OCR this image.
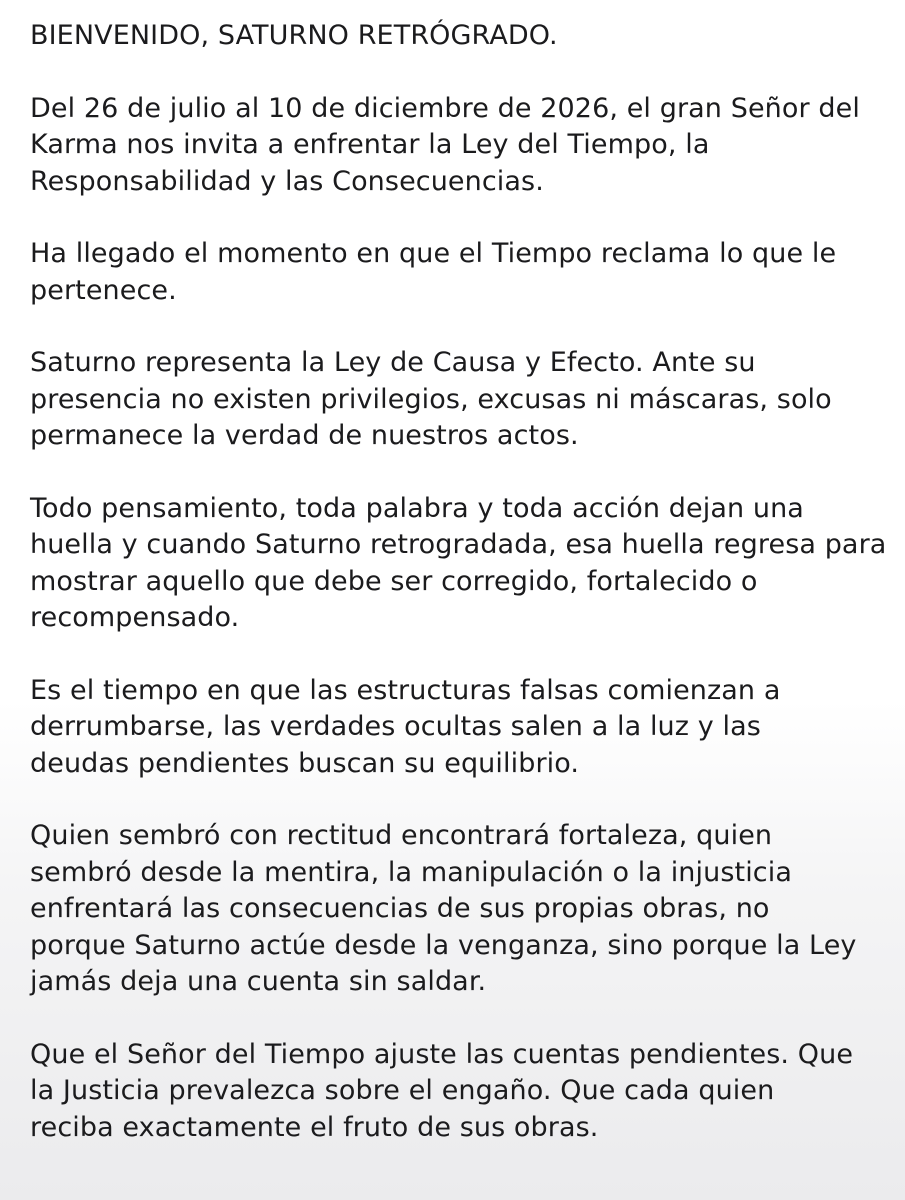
BIENVENIDO, SATURNO RETRÓGRADO.

Del 26 de julio al 10 de diciembre de 2026, el gran Señor del
Karma nos invita a enfrentar la Ley del Tiempo, la
Responsabilidad y las Consecuencias.

Ha llegado el momento en que el Tiempo reclama lo que le
pertenece.

Saturno representa la Ley de Causa y Efecto. Ante su
presencia no existen privilegios, excusas ni máscaras, solo
permanece la verdad de nuestros actos.

Todo pensamiento, toda palabra y toda acción dejan una
huella y cuando Saturno retrogradada, esa huella regresa para
mostrar aquello que debe ser corregido, fortalecido o
recompensado.

Es el tiempo en que las estructuras falsas comienzan a
derrumbarse, las verdades ocultas salen a la luz y las
deudas pendientes buscan su equilibrio.

Quien sembró con rectitud encontrará fortaleza, quien
sembró desde la mentira, la manipulación o la injusticia
enfrentará las consecuencias de sus propias obras, no
porque Saturno actúe desde la venganza, sino porque la Ley
jamás deja una cuenta sin saldar.

Que el Señor del Tiempo ajuste las cuentas pendientes. Que
la Justicia prevalezca sobre el engaño. Que cada quien
reciba exactamente el fruto de sus obras.
